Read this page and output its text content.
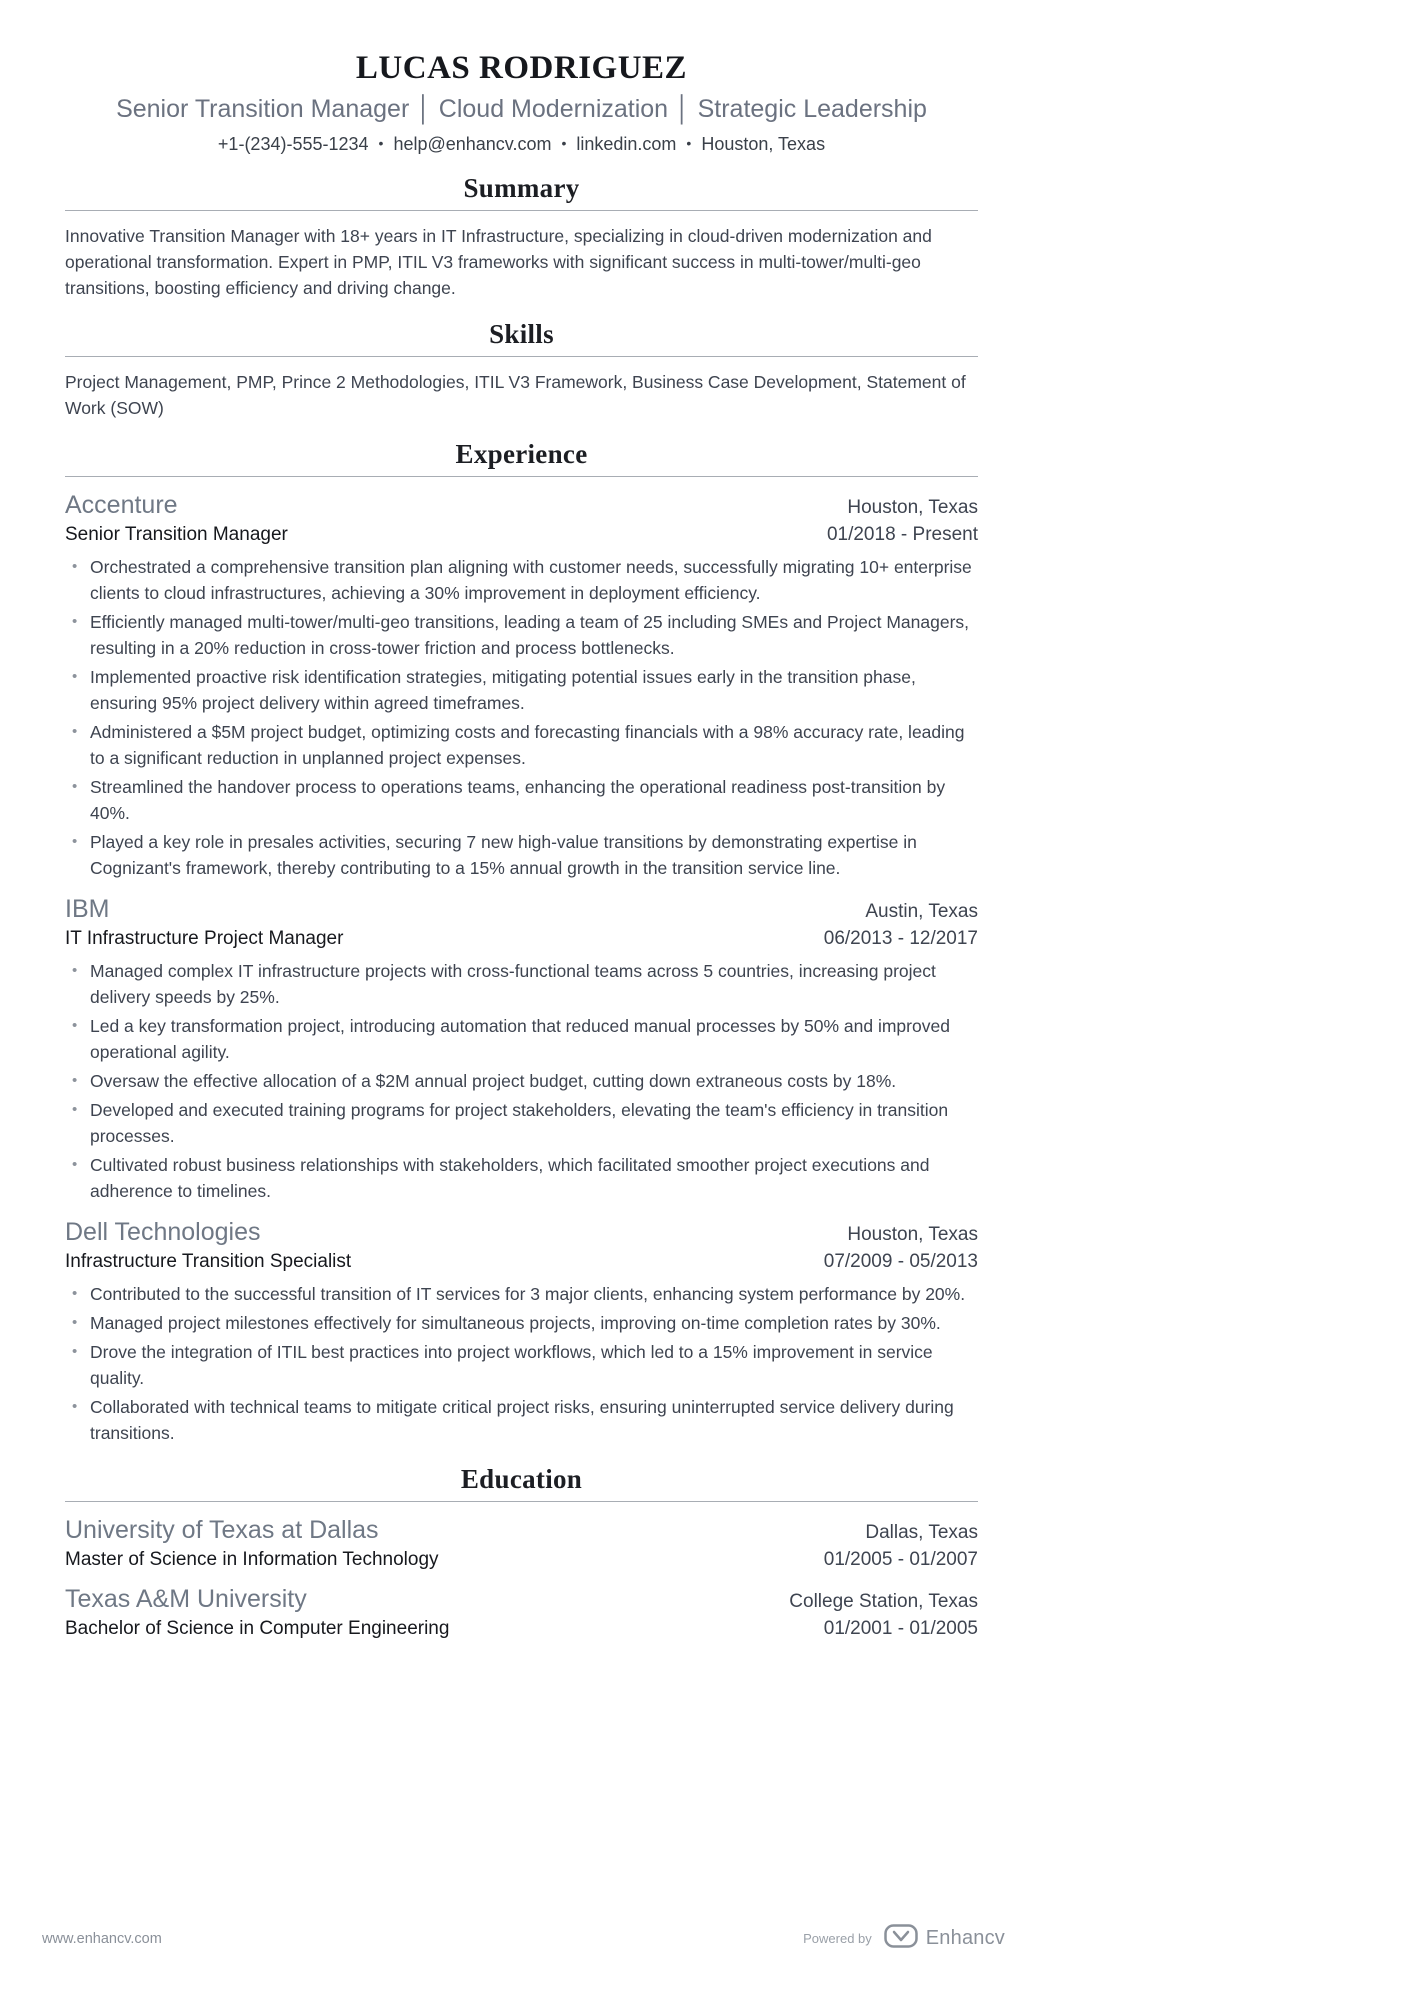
LUCAS RODRIGUEZ

Senior Transition Manager │ Cloud Modernization │ Strategic Leadership

+1-(234)-555-1234 • help@enhancv.com • linkedin.com • Houston, Texas
Summary

Innovative Transition Manager with 18+ years in IT Infrastructure, specializing in cloud-driven modernization and operational transformation. Expert in PMP, ITIL V3 frameworks with significant success in multi-tower/multi-geo transitions, boosting efficiency and driving change.

Skills

Project Management, PMP, Prince 2 Methodologies, ITIL V3 Framework, Business Case Development, Statement of Work (SOW)

Experience
Accenture	Houston, Texas
Senior Transition Manager	01/2018 - Present
• Orchestrated a comprehensive transition plan aligning with customer needs, successfully migrating 10+ enterprise clients to cloud infrastructures, achieving a 30% improvement in deployment efficiency.
• Efficiently managed multi-tower/multi-geo transitions, leading a team of 25 including SMEs and Project Managers, resulting in a 20% reduction in cross-tower friction and process bottlenecks.
• Implemented proactive risk identification strategies, mitigating potential issues early in the transition phase, ensuring 95% project delivery within agreed timeframes.
• Administered a $5M project budget, optimizing costs and forecasting financials with a 98% accuracy rate, leading to a significant reduction in unplanned project expenses.
• Streamlined the handover process to operations teams, enhancing the operational readiness post-transition by 40%.
• Played a key role in presales activities, securing 7 new high-value transitions by demonstrating expertise in Cognizant's framework, thereby contributing to a 15% annual growth in the transition service line.
IBM	Austin, Texas
IT Infrastructure Project Manager	06/2013 - 12/2017
• Managed complex IT infrastructure projects with cross-functional teams across 5 countries, increasing project delivery speeds by 25%.
• Led a key transformation project, introducing automation that reduced manual processes by 50% and improved operational agility.
• Oversaw the effective allocation of a $2M annual project budget, cutting down extraneous costs by 18%.
• Developed and executed training programs for project stakeholders, elevating the team's efficiency in transition processes.
• Cultivated robust business relationships with stakeholders, which facilitated smoother project executions and adherence to timelines.
Dell Technologies	Houston, Texas
Infrastructure Transition Specialist	07/2009 - 05/2013
• Contributed to the successful transition of IT services for 3 major clients, enhancing system performance by 20%.
• Managed project milestones effectively for simultaneous projects, improving on-time completion rates by 30%.
• Drove the integration of ITIL best practices into project workflows, which led to a 15% improvement in service quality.
• Collaborated with technical teams to mitigate critical project risks, ensuring uninterrupted service delivery during transitions.
Education
University of Texas at Dallas	Dallas, Texas
Master of Science in Information Technology	01/2005 - 01/2007
Texas A&M University	College Station, Texas
Bachelor of Science in Computer Engineering	01/2001 - 01/2005
www.enhancv.com	Powered by	Enhancv
